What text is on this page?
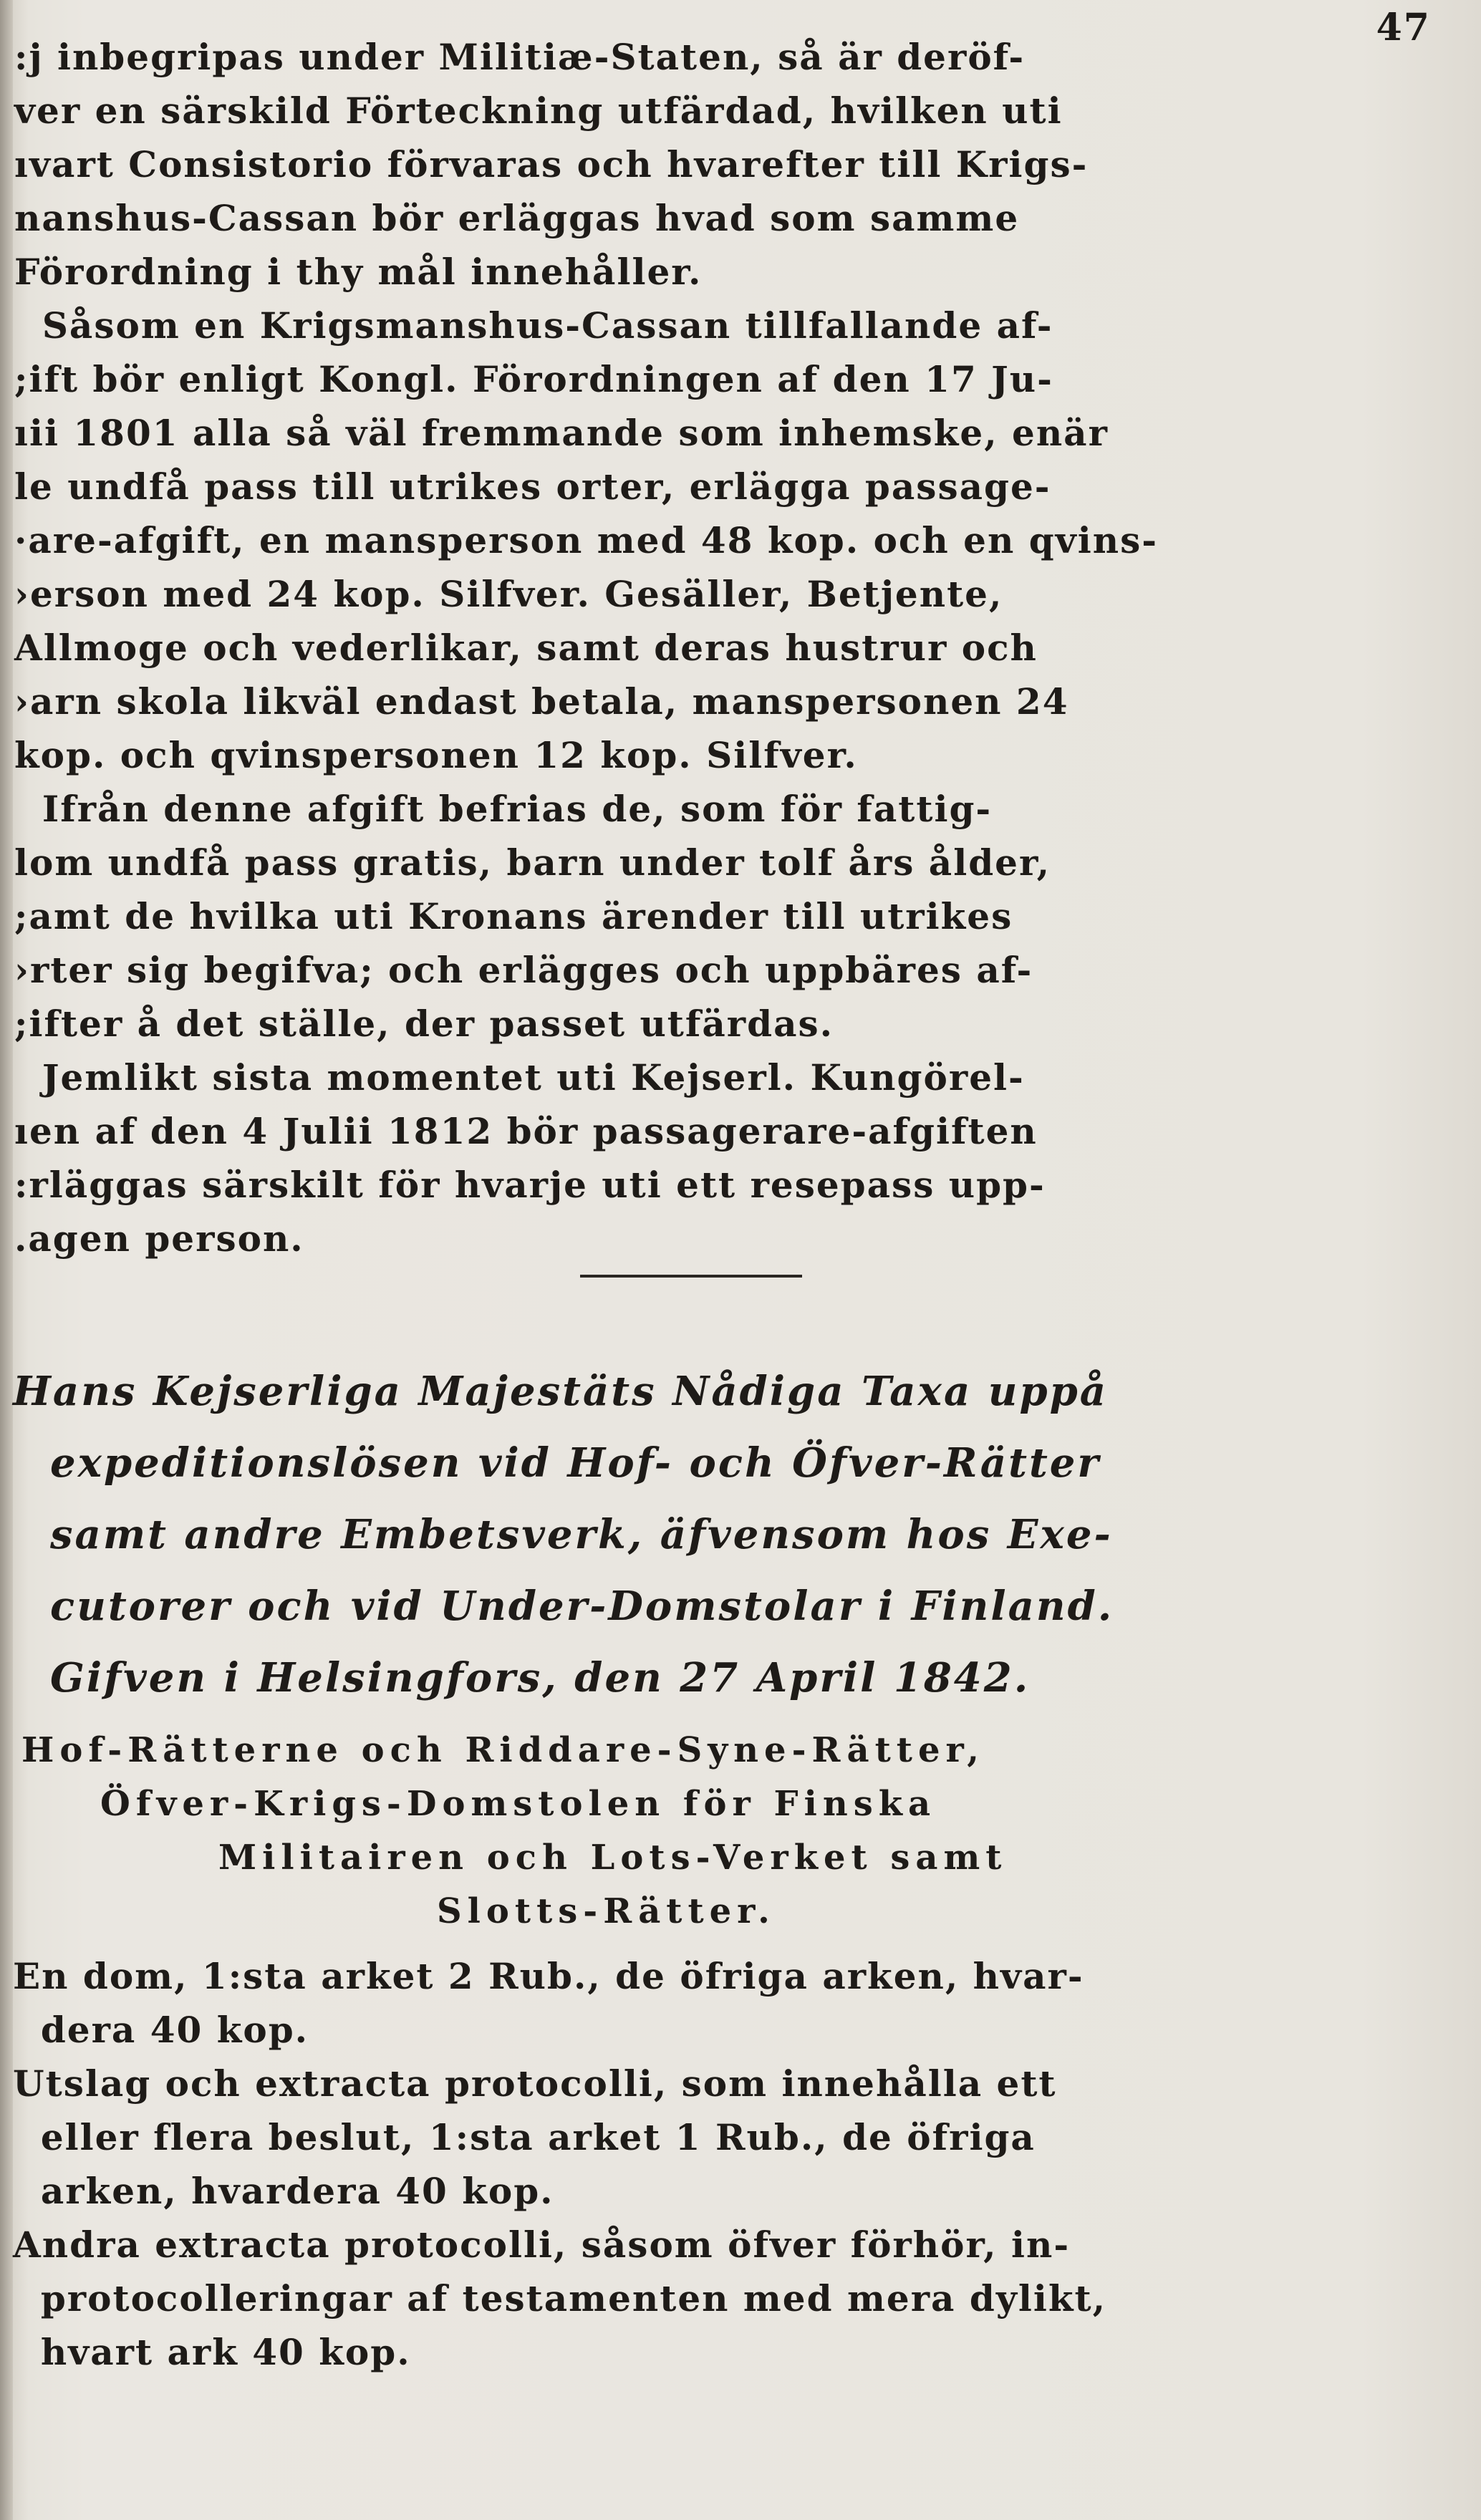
47
:j inbegripas under Militiæ-Staten, så är deröf-
ver en särskild Förteckning utfärdad, hvilken uti
ıvart Consistorio förvaras och hvarefter till Krigs-
nanshus-Cassan bör erläggas hvad som samme
Förordning i thy mål innehåller.
Såsom en Krigsmanshus-Cassan tillfallande af-
;ift bör enligt Kongl. Förordningen af den 17 Ju-
ıii 1801 alla så väl fremmande som inhemske, enär
le undfå pass till utrikes orter, erlägga passage-
·are-afgift, en mansperson med 48 kop. och en qvins-
›erson med 24 kop. Silfver. Gesäller, Betjente,
Allmoge och vederlikar, samt deras hustrur och
›arn skola likväl endast betala, manspersonen 24
kop. och qvinspersonen 12 kop. Silfver.
Ifrån denne afgift befrias de, som för fattig-
lom undfå pass gratis, barn under tolf års ålder,
;amt de hvilka uti Kronans ärender till utrikes
›rter sig begifva; och erlägges och uppbäres af-
;ifter å det ställe, der passet utfärdas.
Jemlikt sista momentet uti Kejserl. Kungörel-
ıen af den 4 Julii 1812 bör passagerare-afgiften
:rläggas särskilt för hvarje uti ett resepass upp-
.agen person.
Hans Kejserliga Majestäts Nådiga Taxa uppå
expeditionslösen vid Hof- och Öfver-Rätter
samt andre Embetsverk, äfvensom hos Exe-
cutorer och vid Under-Domstolar i Finland.
Gifven i Helsingfors, den 27 April 1842.
Hof-Rätterne och Riddare-Syne-Rätter,
Öfver-Krigs-Domstolen för Finska
Militairen och Lots-Verket samt
Slotts-Rätter.
En dom, 1:sta arket 2 Rub., de öfriga arken, hvar-
dera 40 kop.
Utslag och extracta protocolli, som innehålla ett
eller flera beslut, 1:sta arket 1 Rub., de öfriga
arken, hvardera 40 kop.
Andra extracta protocolli, såsom öfver förhör, in-
protocolleringar af testamenten med mera dylikt,
hvart ark 40 kop.
